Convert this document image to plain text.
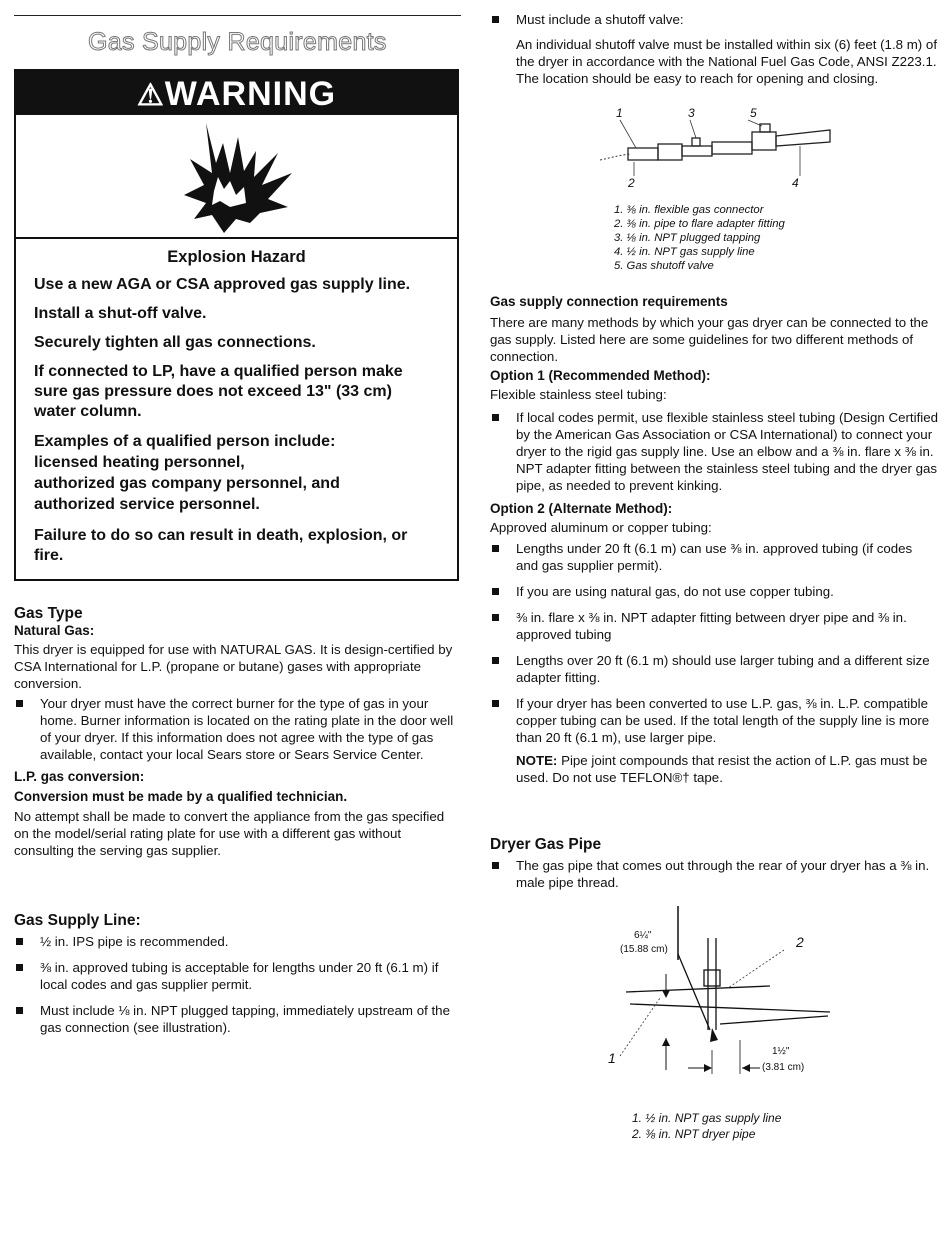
Gas Supply Requirements
⚠WARNING
Explosion Hazard
Use a new AGA or CSA approved gas supply line.
Install a shut-off valve.
Securely tighten all gas connections.
If connected to LP, have a qualified person make sure gas pressure does not exceed 13" (33 cm) water column.
Examples of a qualified person include:
licensed heating personnel,
authorized gas company personnel, and
authorized service personnel.
Failure to do so can result in death, explosion, or fire.
Gas Type
Natural Gas:

This dryer is equipped for use with NATURAL GAS. It is design-certified by CSA International for L.P. (propane or butane) gases with appropriate conversion.

Your dryer must have the correct burner for the type of gas in your home. Burner information is located on the rating plate in the door well of your dryer. If this information does not agree with the type of gas available, contact your local Sears store or Sears Service Center.
L.P. gas conversion:
Conversion must be made by a qualified technician.

No attempt shall be made to convert the appliance from the gas specified on the model/serial rating plate for use with a different gas without consulting the serving gas supplier.

Gas Supply Line:
½ in. IPS pipe is recommended.
⅜ in. approved tubing is acceptable for lengths under 20 ft (6.1 m) if local codes and gas supplier permit.
Must include ⅛ in. NPT plugged tapping, immediately upstream of the gas connection (see illustration).
Must include a shutoff valve:

An individual shutoff valve must be installed within six (6) feet (1.8 m) of the dryer in accordance with the National Fuel Gas Code, ANSI Z223.1. The location should be easy to reach for opening and closing.

1	3	5
2	4
1. ⅜ in. flexible gas connector
2. ⅜ in. pipe to flare adapter fitting
3. ⅛ in. NPT plugged tapping
4. ½ in. NPT gas supply line
5. Gas shutoff valve
Gas supply connection requirements

There are many methods by which your gas dryer can be connected to the gas supply. Listed here are some guidelines for two different methods of connection.

Option 1 (Recommended Method):

Flexible stainless steel tubing:

If local codes permit, use flexible stainless steel tubing (Design Certified by the American Gas Association or CSA International) to connect your dryer to the rigid gas supply line. Use an elbow and a ⅜ in. flare x ⅜ in. NPT adapter fitting between the stainless steel tubing and the dryer gas pipe, as needed to prevent kinking.
Option 2 (Alternate Method):

Approved aluminum or copper tubing:

Lengths under 20 ft (6.1 m) can use ⅜ in. approved tubing (if codes and gas supplier permit).
If you are using natural gas, do not use copper tubing.
⅜ in. flare x ⅜ in. NPT adapter fitting between dryer pipe and ⅜ in. approved tubing
Lengths over 20 ft (6.1 m) should use larger tubing and a different size adapter fitting.
If your dryer has been converted to use L.P. gas, ⅜ in. L.P. compatible copper tubing can be used. If the total length of the supply line is more than 20 ft (6.1 m), use larger pipe.
NOTE: Pipe joint compounds that resist the action of L.P. gas must be used. Do not use TEFLON®† tape.
Dryer Gas Pipe
The gas pipe that comes out through the rear of your dryer has a ⅜ in. male pipe thread.
6¼"
(15.88 cm)
1½"
(3.81 cm)
2
1
1. ½ in. NPT gas supply line
2. ⅜ in. NPT dryer pipe
